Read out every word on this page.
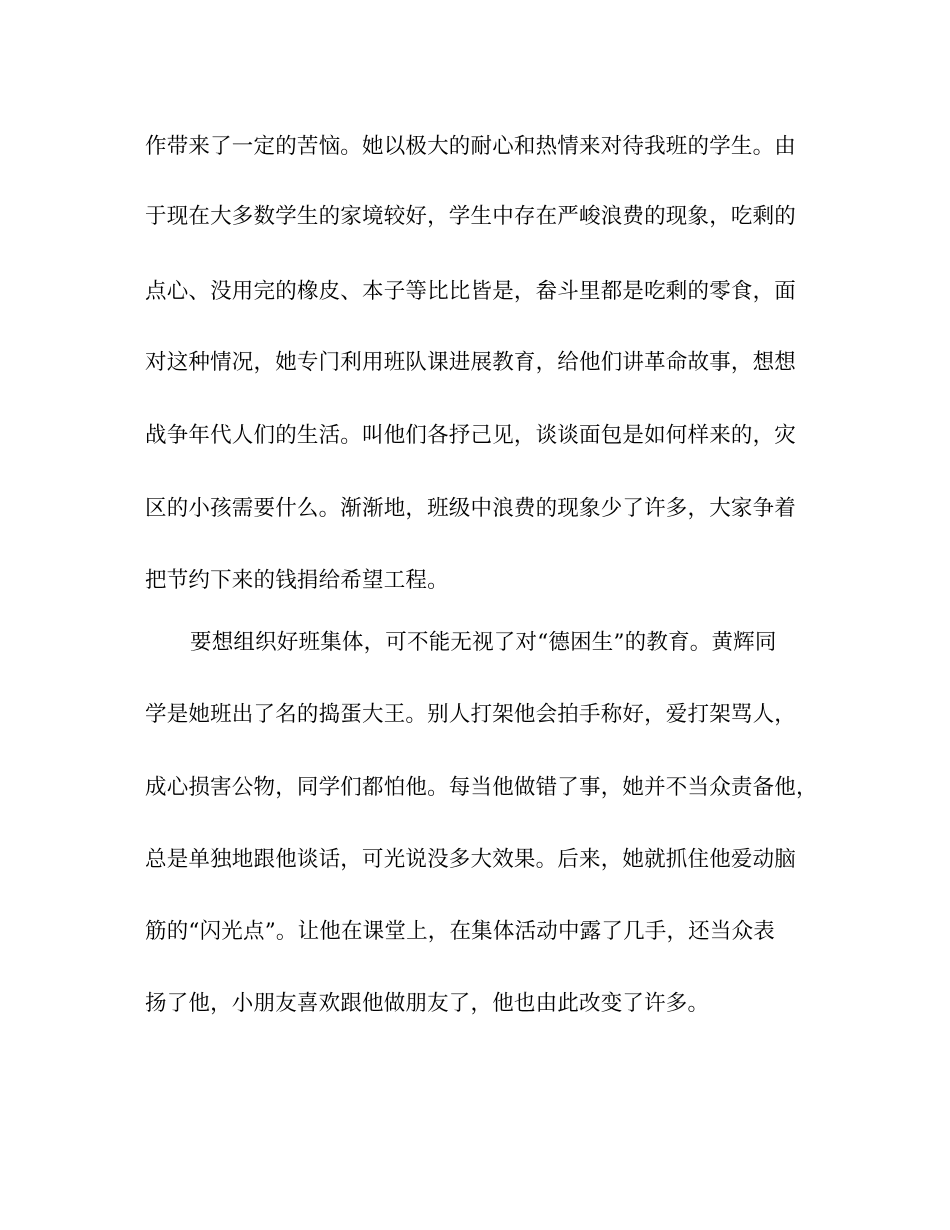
作带来了一定的苦恼。她以极大的耐心和热情来对待我班的学生。由
于现在大多数学生的家境较好，学生中存在严峻浪费的现象，吃剩的
点心、没用完的橡皮、本子等比比皆是，畚斗里都是吃剩的零食，面
对这种情况，她专门利用班队课进展教育，给他们讲革命故事，想想
战争年代人们的生活。叫他们各抒己见，谈谈面包是如何样来的，灾
区的小孩需要什么。渐渐地，班级中浪费的现象少了许多，大家争着
把节约下来的钱捐给希望工程。
要想组织好班集体，可不能无视了对“德困生”的教育。黄辉同
学是她班出了名的捣蛋大王。别人打架他会拍手称好，爱打架骂人，
成心损害公物，同学们都怕他。每当他做错了事，她并不当众责备他，
总是单独地跟他谈话，可光说没多大效果。后来，她就抓住他爱动脑
筋的“闪光点”。让他在课堂上，在集体活动中露了几手，还当众表
扬了他，小朋友喜欢跟他做朋友了，他也由此改变了许多。
